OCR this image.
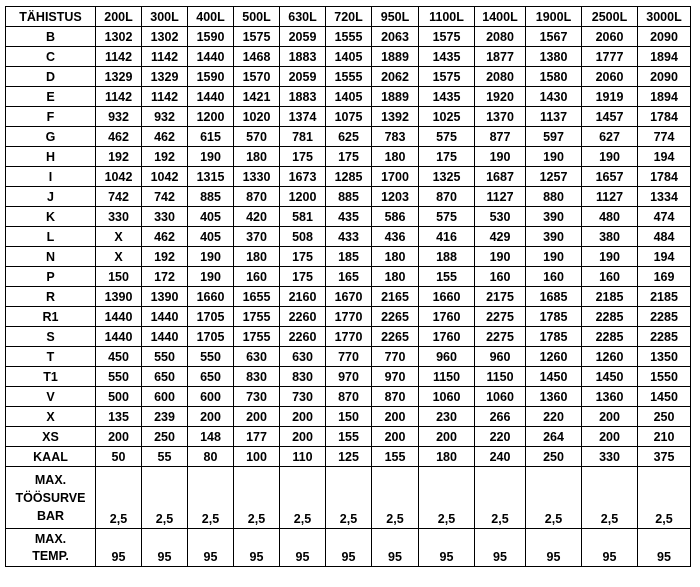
TÄHISTUS	200L	300L	400L	500L	630L	720L	950L	1100L	1400L	1900L	2500L	3000L
B	1302	1302	1590	1575	2059	1555	2063	1575	2080	1567	2060	2090
C	1142	1142	1440	1468	1883	1405	1889	1435	1877	1380	1777	1894
D	1329	1329	1590	1570	2059	1555	2062	1575	2080	1580	2060	2090
E	1142	1142	1440	1421	1883	1405	1889	1435	1920	1430	1919	1894
F	932	932	1200	1020	1374	1075	1392	1025	1370	1137	1457	1784
G	462	462	615	570	781	625	783	575	877	597	627	774
H	192	192	190	180	175	175	180	175	190	190	190	194
I	1042	1042	1315	1330	1673	1285	1700	1325	1687	1257	1657	1784
J	742	742	885	870	1200	885	1203	870	1127	880	1127	1334
K	330	330	405	420	581	435	586	575	530	390	480	474
L	X	462	405	370	508	433	436	416	429	390	380	484
N	X	192	190	180	175	185	180	188	190	190	190	194
P	150	172	190	160	175	165	180	155	160	160	160	169
R	1390	1390	1660	1655	2160	1670	2165	1660	2175	1685	2185	2185
R1	1440	1440	1705	1755	2260	1770	2265	1760	2275	1785	2285	2285
S	1440	1440	1705	1755	2260	1770	2265	1760	2275	1785	2285	2285
T	450	550	550	630	630	770	770	960	960	1260	1260	1350
T1	550	650	650	830	830	970	970	1150	1150	1450	1450	1550
V	500	600	600	730	730	870	870	1060	1060	1360	1360	1450
X	135	239	200	200	200	150	200	230	266	220	200	250
XS	200	250	148	177	200	155	200	200	220	264	200	210
KAAL	50	55	80	100	110	125	155	180	240	250	330	375

MAX.
TÖÖSURVE
BAR	2,5	2,5	2,5	2,5	2,5	2,5	2,5	2,5	2,5	2,5	2,5	2,5

MAX.
TEMP.	95	95	95	95	95	95	95	95	95	95	95	95
